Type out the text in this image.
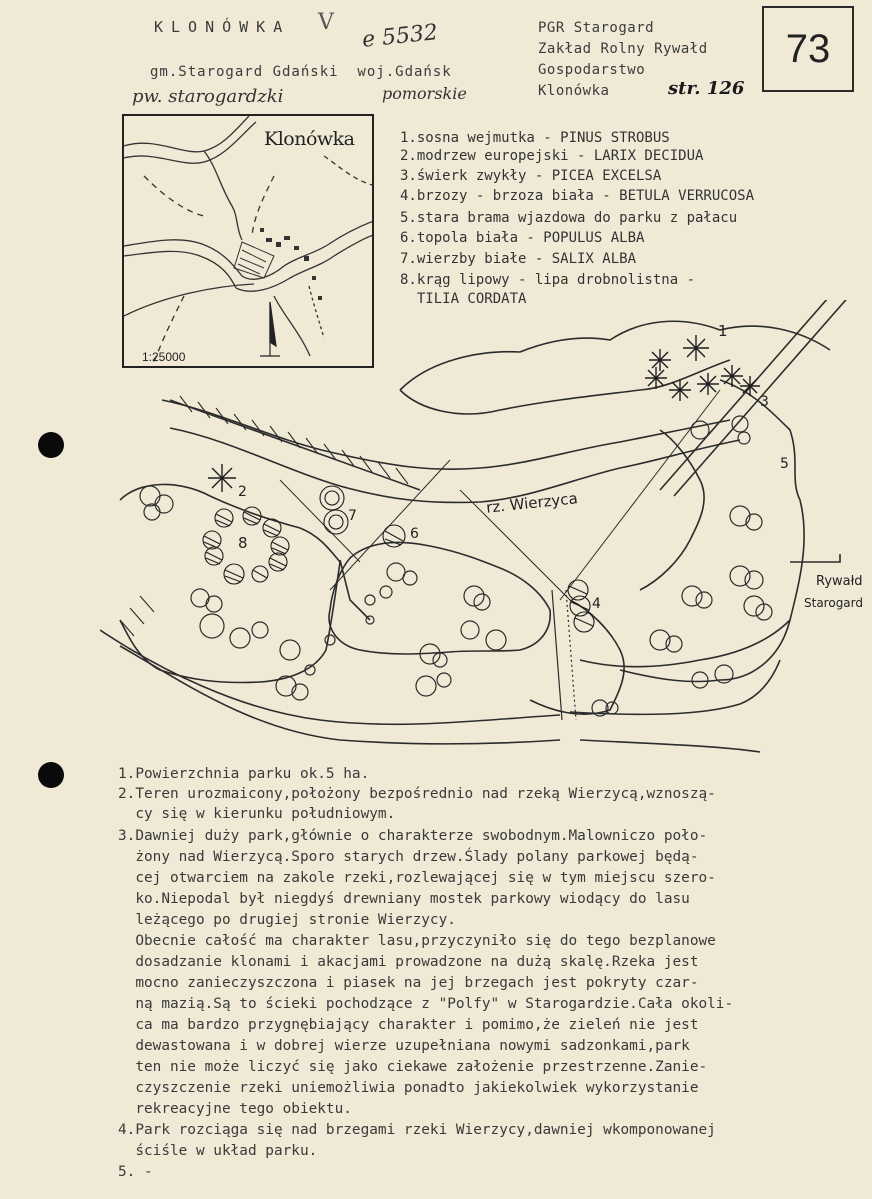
KLONÓWKA V e 5532
gm.Starogard Gdański  woj.Gdańsk
pw. starogardzki	pomorskie
PGR Starogard
Zakład Rolny Rywałd
Gospodarstwo
Klonówka	str. 126
73
Klonówka
1:25000
1.sosna wejmutka - PINUS STROBUS
2.modrzew europejski - LARIX DECIDUA
3.świerk zwykły - PICEA EXCELSA
4.brzozy - brzoza biała - BETULA VERRUCOSA
5.stara brama wjazdowa do parku z pałacu
6.topola biała - POPULUS ALBA
7.wierzby białe - SALIX ALBA
8.krąg lipowy - lipa drobnolistna -
TILIA CORDATA
rz. Wierzyca
Rywałd
Starogard
1
2
3
4
5
6
7
8
1.Powierzchnia parku ok.5 ha.
2.Teren urozmaicony,położony bezpośrednio nad rzeką Wierzycą,wznoszą-
cy się w kierunku południowym.
3.Dawniej duży park,głównie o charakterze swobodnym.Malowniczo poło-
żony nad Wierzycą.Sporo starych drzew.Ślady polany parkowej będą-
cej otwarciem na zakole rzeki,rozlewającej się w tym miejscu szero-
ko.Niepodal był niegdyś drewniany mostek parkowy wiodący do lasu
leżącego po drugiej stronie Wierzycy.
Obecnie całość ma charakter lasu,przyczyniło się do tego bezplanowe
dosadzanie klonami i akacjami prowadzone na dużą skalę.Rzeka jest
mocno zanieczyszczona i piasek na jej brzegach jest pokryty czar-
ną mazią.Są to ścieki pochodzące z "Polfy" w Starogardzie.Cała okoli-
ca ma bardzo przygnębiający charakter i pomimo,że zieleń nie jest
dewastowana i w dobrej wierze uzupełniana nowymi sadzonkami,park
ten nie może liczyć się jako ciekawe założenie przestrzenne.Zanie-
czyszczenie rzeki uniemożliwia ponadto jakiekolwiek wykorzystanie
rekreacyjne tego obiektu.
4.Park rozciąga się nad brzegami rzeki Wierzycy,dawniej wkomponowanej
ściśle w układ parku.
5. -
